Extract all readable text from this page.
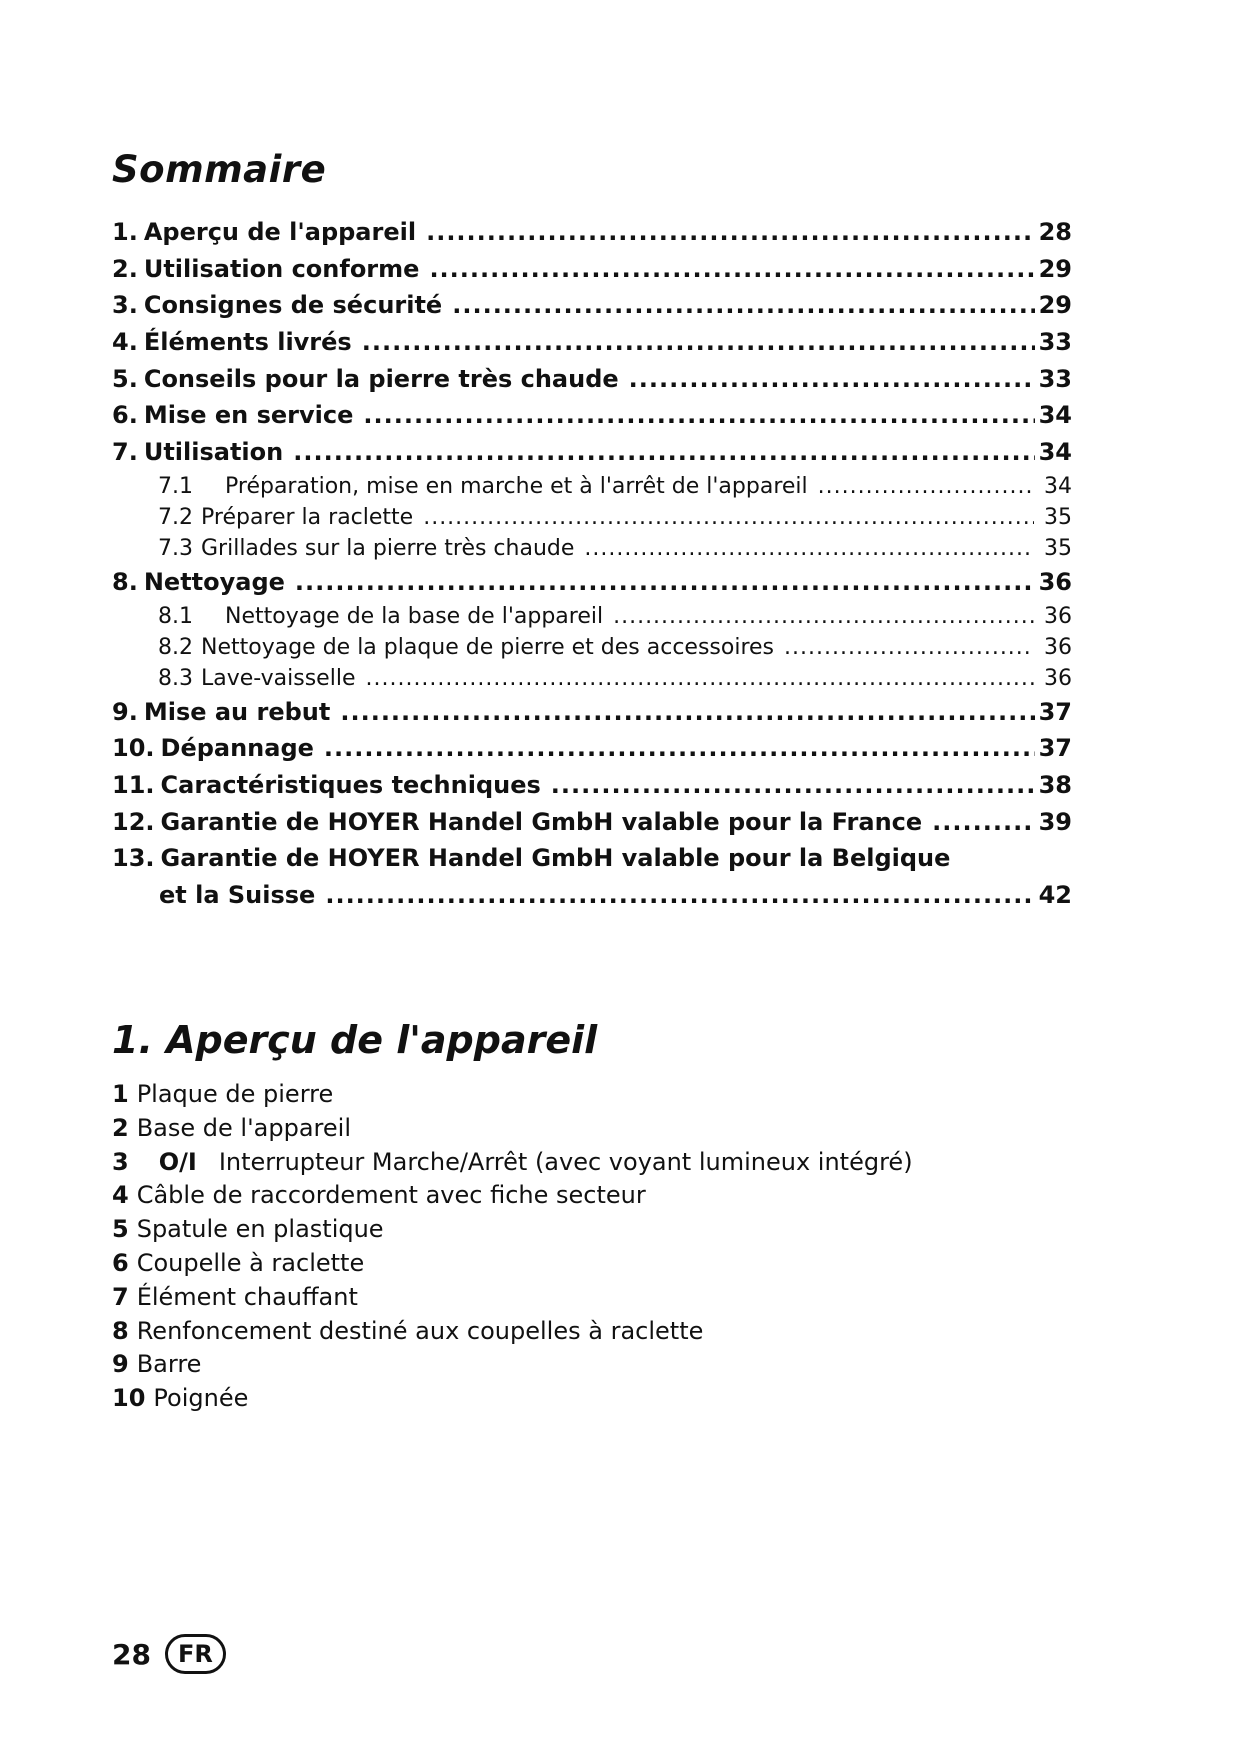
Sommaire
1. Aperçu de l'appareil .....	28
2. Utilisation conforme .....	29
3. Consignes de sécurité .....	29
4. Éléments livrés .....	33
5. Conseils pour la pierre très chaude .....	33
6. Mise en service .....	34
7. Utilisation .....	34
7.1 Préparation, mise en marche et à l'arrêt de l'appareil .....	34
7.2 Préparer la raclette .....	35
7.3 Grillades sur la pierre très chaude .....	35
8. Nettoyage .....	36
8.1 Nettoyage de la base de l'appareil .....	36
8.2 Nettoyage de la plaque de pierre et des accessoires .....	36
8.3 Lave-vaisselle .....	36
9. Mise au rebut .....	37
10. Dépannage .....	37
11. Caractéristiques techniques .....	38
12. Garantie de HOYER Handel GmbH valable pour la France .....	39
13. Garantie de HOYER Handel GmbH valable pour la Belgique
et la Suisse .....	42
1. Aperçu de l'appareil
1 Plaque de pierre
2 Base de l'appareil
3 O/I Interrupteur Marche/Arrêt (avec voyant lumineux intégré)
4 Câble de raccordement avec fiche secteur
5 Spatule en plastique
6 Coupelle à raclette
7 Élément chauffant
8 Renfoncement destiné aux coupelles à raclette
9 Barre
10 Poignée
28	FR
